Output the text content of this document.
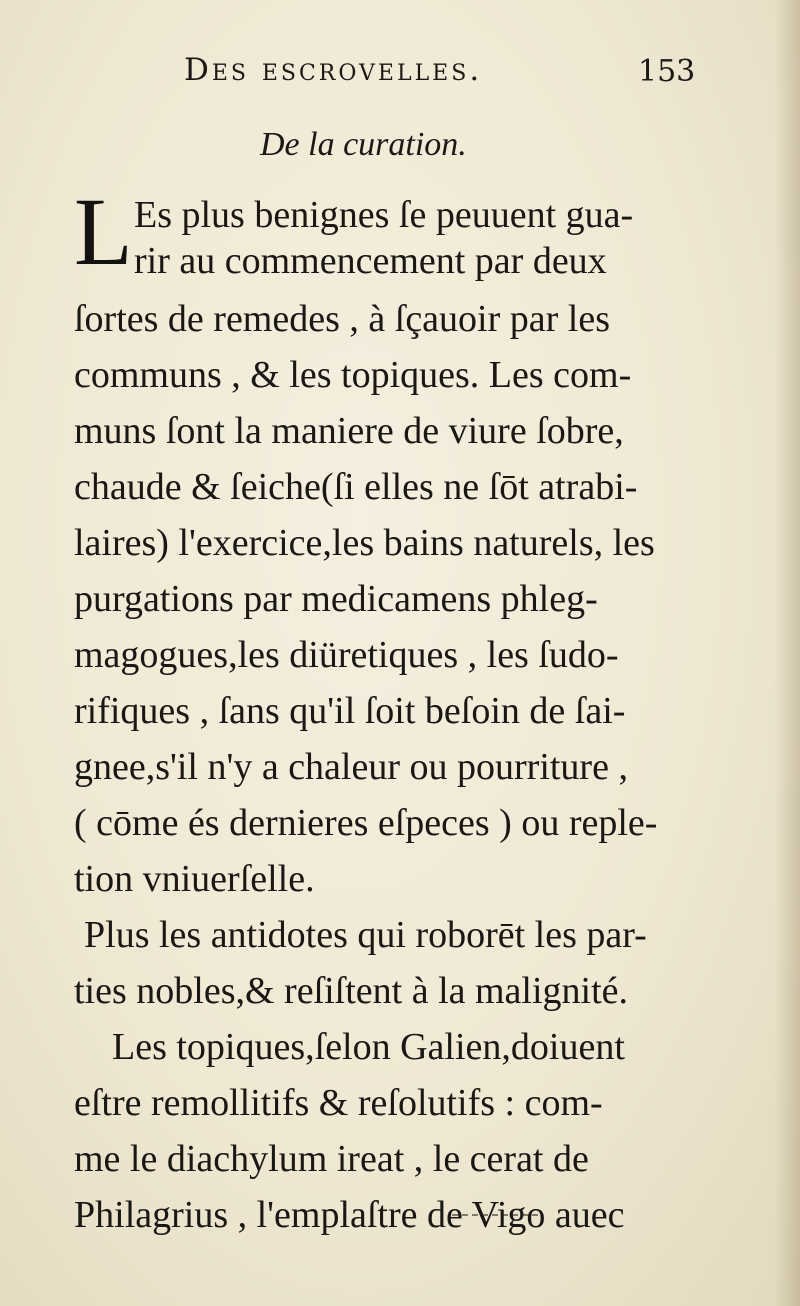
Des escrovelles.	153
De la curation.
L Es plus benignes ſe peuuent gua-
rir au commencement par deux
ſortes de remedes , à ſçauoir par les
communs , & les topiques. Les com-
muns ſont la maniere de viure ſobre,
chaude & ſeiche(ſi elles ne ſōt atrabi-
laires) l'exercice,les bains naturels, les
purgations par medicamens phleg-
magogues,les diüretiques , les ſudo-
rifiques , ſans qu'il ſoit beſoin de ſai-
gnee,s'il n'y a chaleur ou pourriture ,
( cōme és dernieres eſpeces ) ou reple-
tion vniuerſelle.
Plus les antidotes qui roborēt les par-
ties nobles,& reſiſtent à la malignité.
Les topiques,ſelon Galien,doiuent
eſtre remollitifs & reſolutifs : com-
me le diachylum ireat , le cerat de
Philagrius , l'emplaſtre de Vigo auec
